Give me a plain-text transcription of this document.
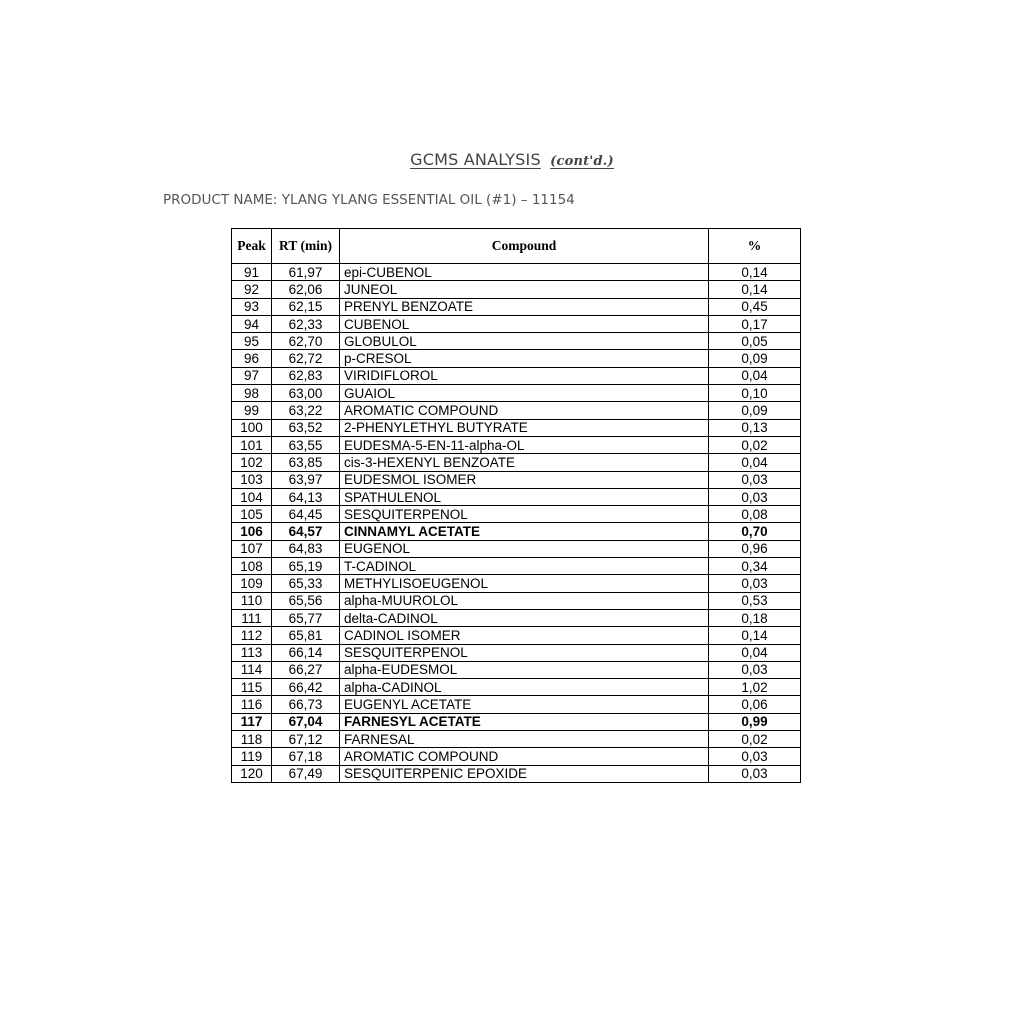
GCMS ANALYSIS (cont'd.)
PRODUCT NAME: YLANG YLANG ESSENTIAL OIL (#1) – 11154
Peak	RT (min)	Compound	%
91	61,97	epi-CUBENOL	0,14
92	62,06	JUNEOL	0,14
93	62,15	PRENYL BENZOATE	0,45
94	62,33	CUBENOL	0,17
95	62,70	GLOBULOL	0,05
96	62,72	p-CRESOL	0,09
97	62,83	VIRIDIFLOROL	0,04
98	63,00	GUAIOL	0,10
99	63,22	AROMATIC COMPOUND	0,09
100	63,52	2-PHENYLETHYL BUTYRATE	0,13
101	63,55	EUDESMA-5-EN-11-alpha-OL	0,02
102	63,85	cis-3-HEXENYL BENZOATE	0,04
103	63,97	EUDESMOL ISOMER	0,03
104	64,13	SPATHULENOL	0,03
105	64,45	SESQUITERPENOL	0,08
106	64,57	CINNAMYL ACETATE	0,70
107	64,83	EUGENOL	0,96
108	65,19	T-CADINOL	0,34
109	65,33	METHYLISOEUGENOL	0,03
110	65,56	alpha-MUUROLOL	0,53
111	65,77	delta-CADINOL	0,18
112	65,81	CADINOL ISOMER	0,14
113	66,14	SESQUITERPENOL	0,04
114	66,27	alpha-EUDESMOL	0,03
115	66,42	alpha-CADINOL	1,02
116	66,73	EUGENYL ACETATE	0,06
117	67,04	FARNESYL ACETATE	0,99
118	67,12	FARNESAL	0,02
119	67,18	AROMATIC COMPOUND	0,03
120	67,49	SESQUITERPENIC EPOXIDE	0,03
